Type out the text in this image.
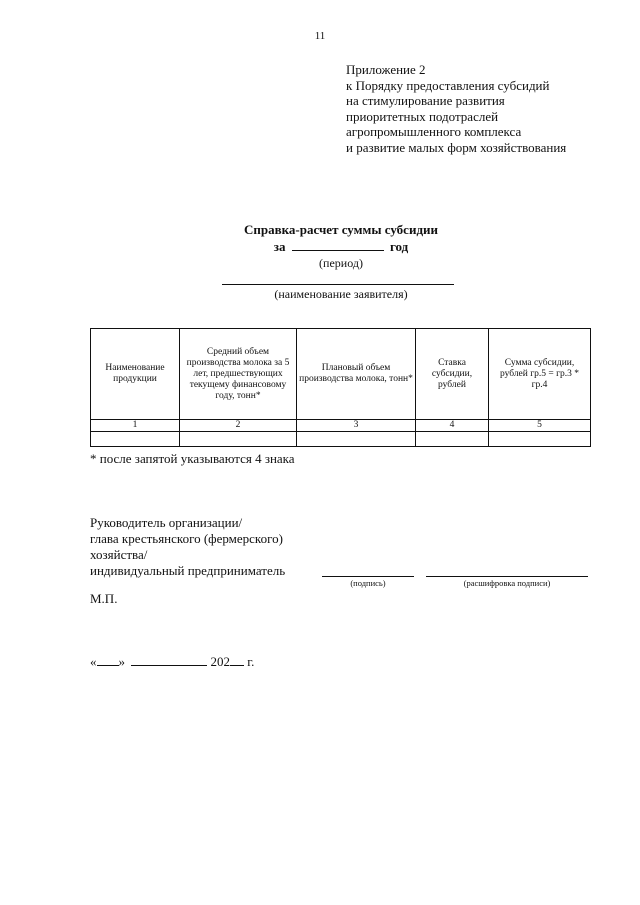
11
Приложение 2
к Порядку предоставления субсидий
на стимулирование развития
приоритетных подотраслей
агропромышленного комплекса
и развитие малых форм хозяйствования
Справка-расчет суммы субсидии
за	год
(период)
(наименование заявителя)
Наименование продукции	Средний объем производства молока за 5 лет, предшествующих текущему финансовому году, тонн*	Плановый объем производства молока, тонн*	Ставка субсидии, рублей	Сумма субсидии, рублей гр.5 = гр.3 * гр.4
1	2	3	4	5

* после запятой указываются 4 знака
Руководитель организации/
глава крестьянского (фермерского)
хозяйства/
индивидуальный предприниматель
(подпись)	(расшифровка подписи)
М.П.
« »	202 г.
